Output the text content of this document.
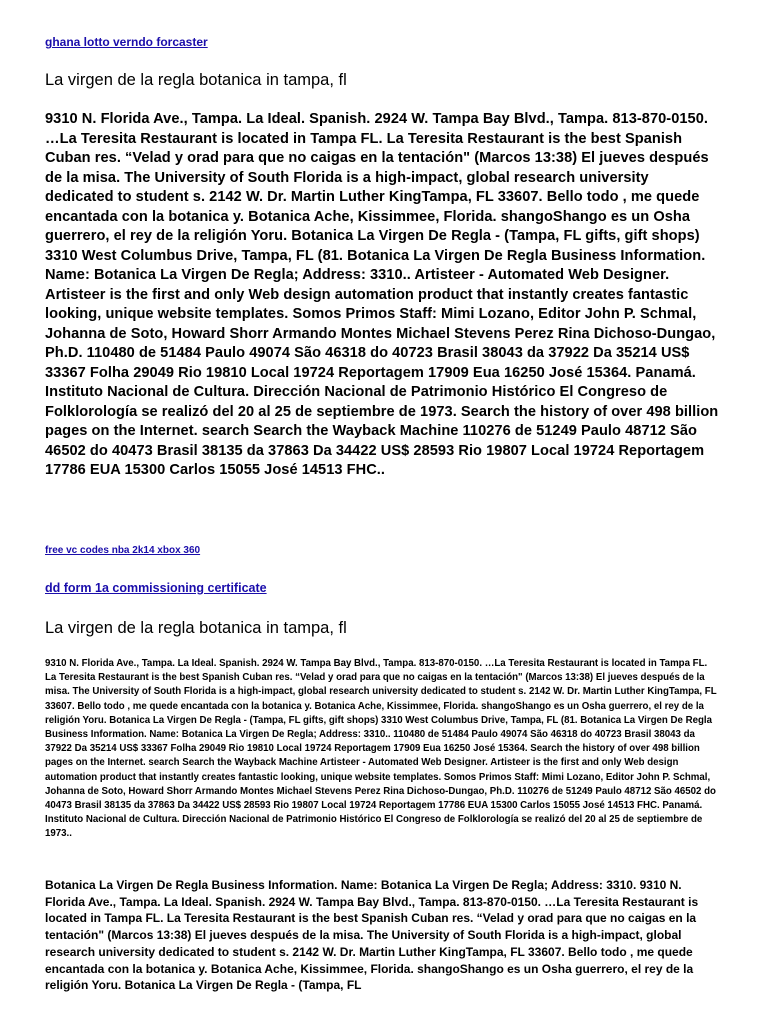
ghana lotto verndo forcaster
La virgen de la regla botanica in tampa, fl

9310 N. Florida Ave., Tampa. La Ideal. Spanish. 2924 W. Tampa Bay Blvd., Tampa. 813-870-0150. …La Teresita Restaurant is located in Tampa FL. La Teresita Restaurant is the best Spanish Cuban res. “Velad y orad para que no caigas en la tentación" (Marcos 13:38) El jueves después de la misa. The University of South Florida is a high-impact, global research university dedicated to student s. 2142 W. Dr. Martin Luther KingTampa, FL 33607. Bello todo , me quede encantada con la botanica y. Botanica Ache, Kissimmee, Florida. shangoShango es un Osha guerrero, el rey de la religión Yoru. Botanica La Virgen De Regla - (Tampa, FL gifts, gift shops) 3310 West Columbus Drive, Tampa, FL (81. Botanica La Virgen De Regla Business Information. Name: Botanica La Virgen De Regla; Address: 3310.. Artisteer - Automated Web Designer. Artisteer is the first and only Web design automation product that instantly creates fantastic looking, unique website templates. Somos Primos Staff: Mimi Lozano, Editor John P. Schmal, Johanna de Soto, Howard Shorr Armando Montes Michael Stevens Perez Rina Dichoso-Dungao, Ph.D. 110480 de 51484 Paulo 49074 São 46318 do 40723 Brasil 38043 da 37922 Da 35214 US$ 33367 Folha 29049 Rio 19810 Local 19724 Reportagem 17909 Eua 16250 José 15364. Panamá. Instituto Nacional de Cultura. Dirección Nacional de Patrimonio Histórico El Congreso de Folklorología se realizó del 20 al 25 de septiembre de 1973. Search the history of over 498 billion pages on the Internet. search Search the Wayback Machine 110276 de 51249 Paulo 48712 São 46502 do 40473 Brasil 38135 da 37863 Da 34422 US$ 28593 Rio 19807 Local 19724 Reportagem 17786 EUA 15300 Carlos 15055 José 14513 FHC..

free vc codes nba 2k14 xbox 360
dd form 1a commissioning certificate
La virgen de la regla botanica in tampa, fl

9310 N. Florida Ave., Tampa. La Ideal. Spanish. 2924 W. Tampa Bay Blvd., Tampa. 813-870-0150. …La Teresita Restaurant is located in Tampa FL. La Teresita Restaurant is the best Spanish Cuban res. “Velad y orad para que no caigas en la tentación" (Marcos 13:38) El jueves después de la misa. The University of South Florida is a high-impact, global research university dedicated to student s. 2142 W. Dr. Martin Luther KingTampa, FL 33607. Bello todo , me quede encantada con la botanica y. Botanica Ache, Kissimmee, Florida. shangoShango es un Osha guerrero, el rey de la religión Yoru. Botanica La Virgen De Regla - (Tampa, FL gifts, gift shops) 3310 West Columbus Drive, Tampa, FL (81. Botanica La Virgen De Regla Business Information. Name: Botanica La Virgen De Regla; Address: 3310.. 110480 de 51484 Paulo 49074 São 46318 do 40723 Brasil 38043 da 37922 Da 35214 US$ 33367 Folha 29049 Rio 19810 Local 19724 Reportagem 17909 Eua 16250 José 15364. Search the history of over 498 billion pages on the Internet. search Search the Wayback Machine Artisteer - Automated Web Designer. Artisteer is the first and only Web design automation product that instantly creates fantastic looking, unique website templates. Somos Primos Staff: Mimi Lozano, Editor John P. Schmal, Johanna de Soto, Howard Shorr Armando Montes Michael Stevens Perez Rina Dichoso-Dungao, Ph.D. 110276 de 51249 Paulo 48712 São 46502 do 40473 Brasil 38135 da 37863 Da 34422 US$ 28593 Rio 19807 Local 19724 Reportagem 17786 EUA 15300 Carlos 15055 José 14513 FHC. Panamá. Instituto Nacional de Cultura. Dirección Nacional de Patrimonio Histórico El Congreso de Folklorología se realizó del 20 al 25 de septiembre de 1973..

Botanica La Virgen De Regla Business Information. Name: Botanica La Virgen De Regla; Address: 3310. 9310 N. Florida Ave., Tampa. La Ideal. Spanish. 2924 W. Tampa Bay Blvd., Tampa. 813-870-0150. …La Teresita Restaurant is located in Tampa FL. La Teresita Restaurant is the best Spanish Cuban res. “Velad y orad para que no caigas en la tentación" (Marcos 13:38) El jueves después de la misa. The University of South Florida is a high-impact, global research university dedicated to student s. 2142 W. Dr. Martin Luther KingTampa, FL 33607. Bello todo , me quede encantada con la botanica y. Botanica Ache, Kissimmee, Florida. shangoShango es un Osha guerrero, el rey de la religión Yoru. Botanica La Virgen De Regla - (Tampa, FL
